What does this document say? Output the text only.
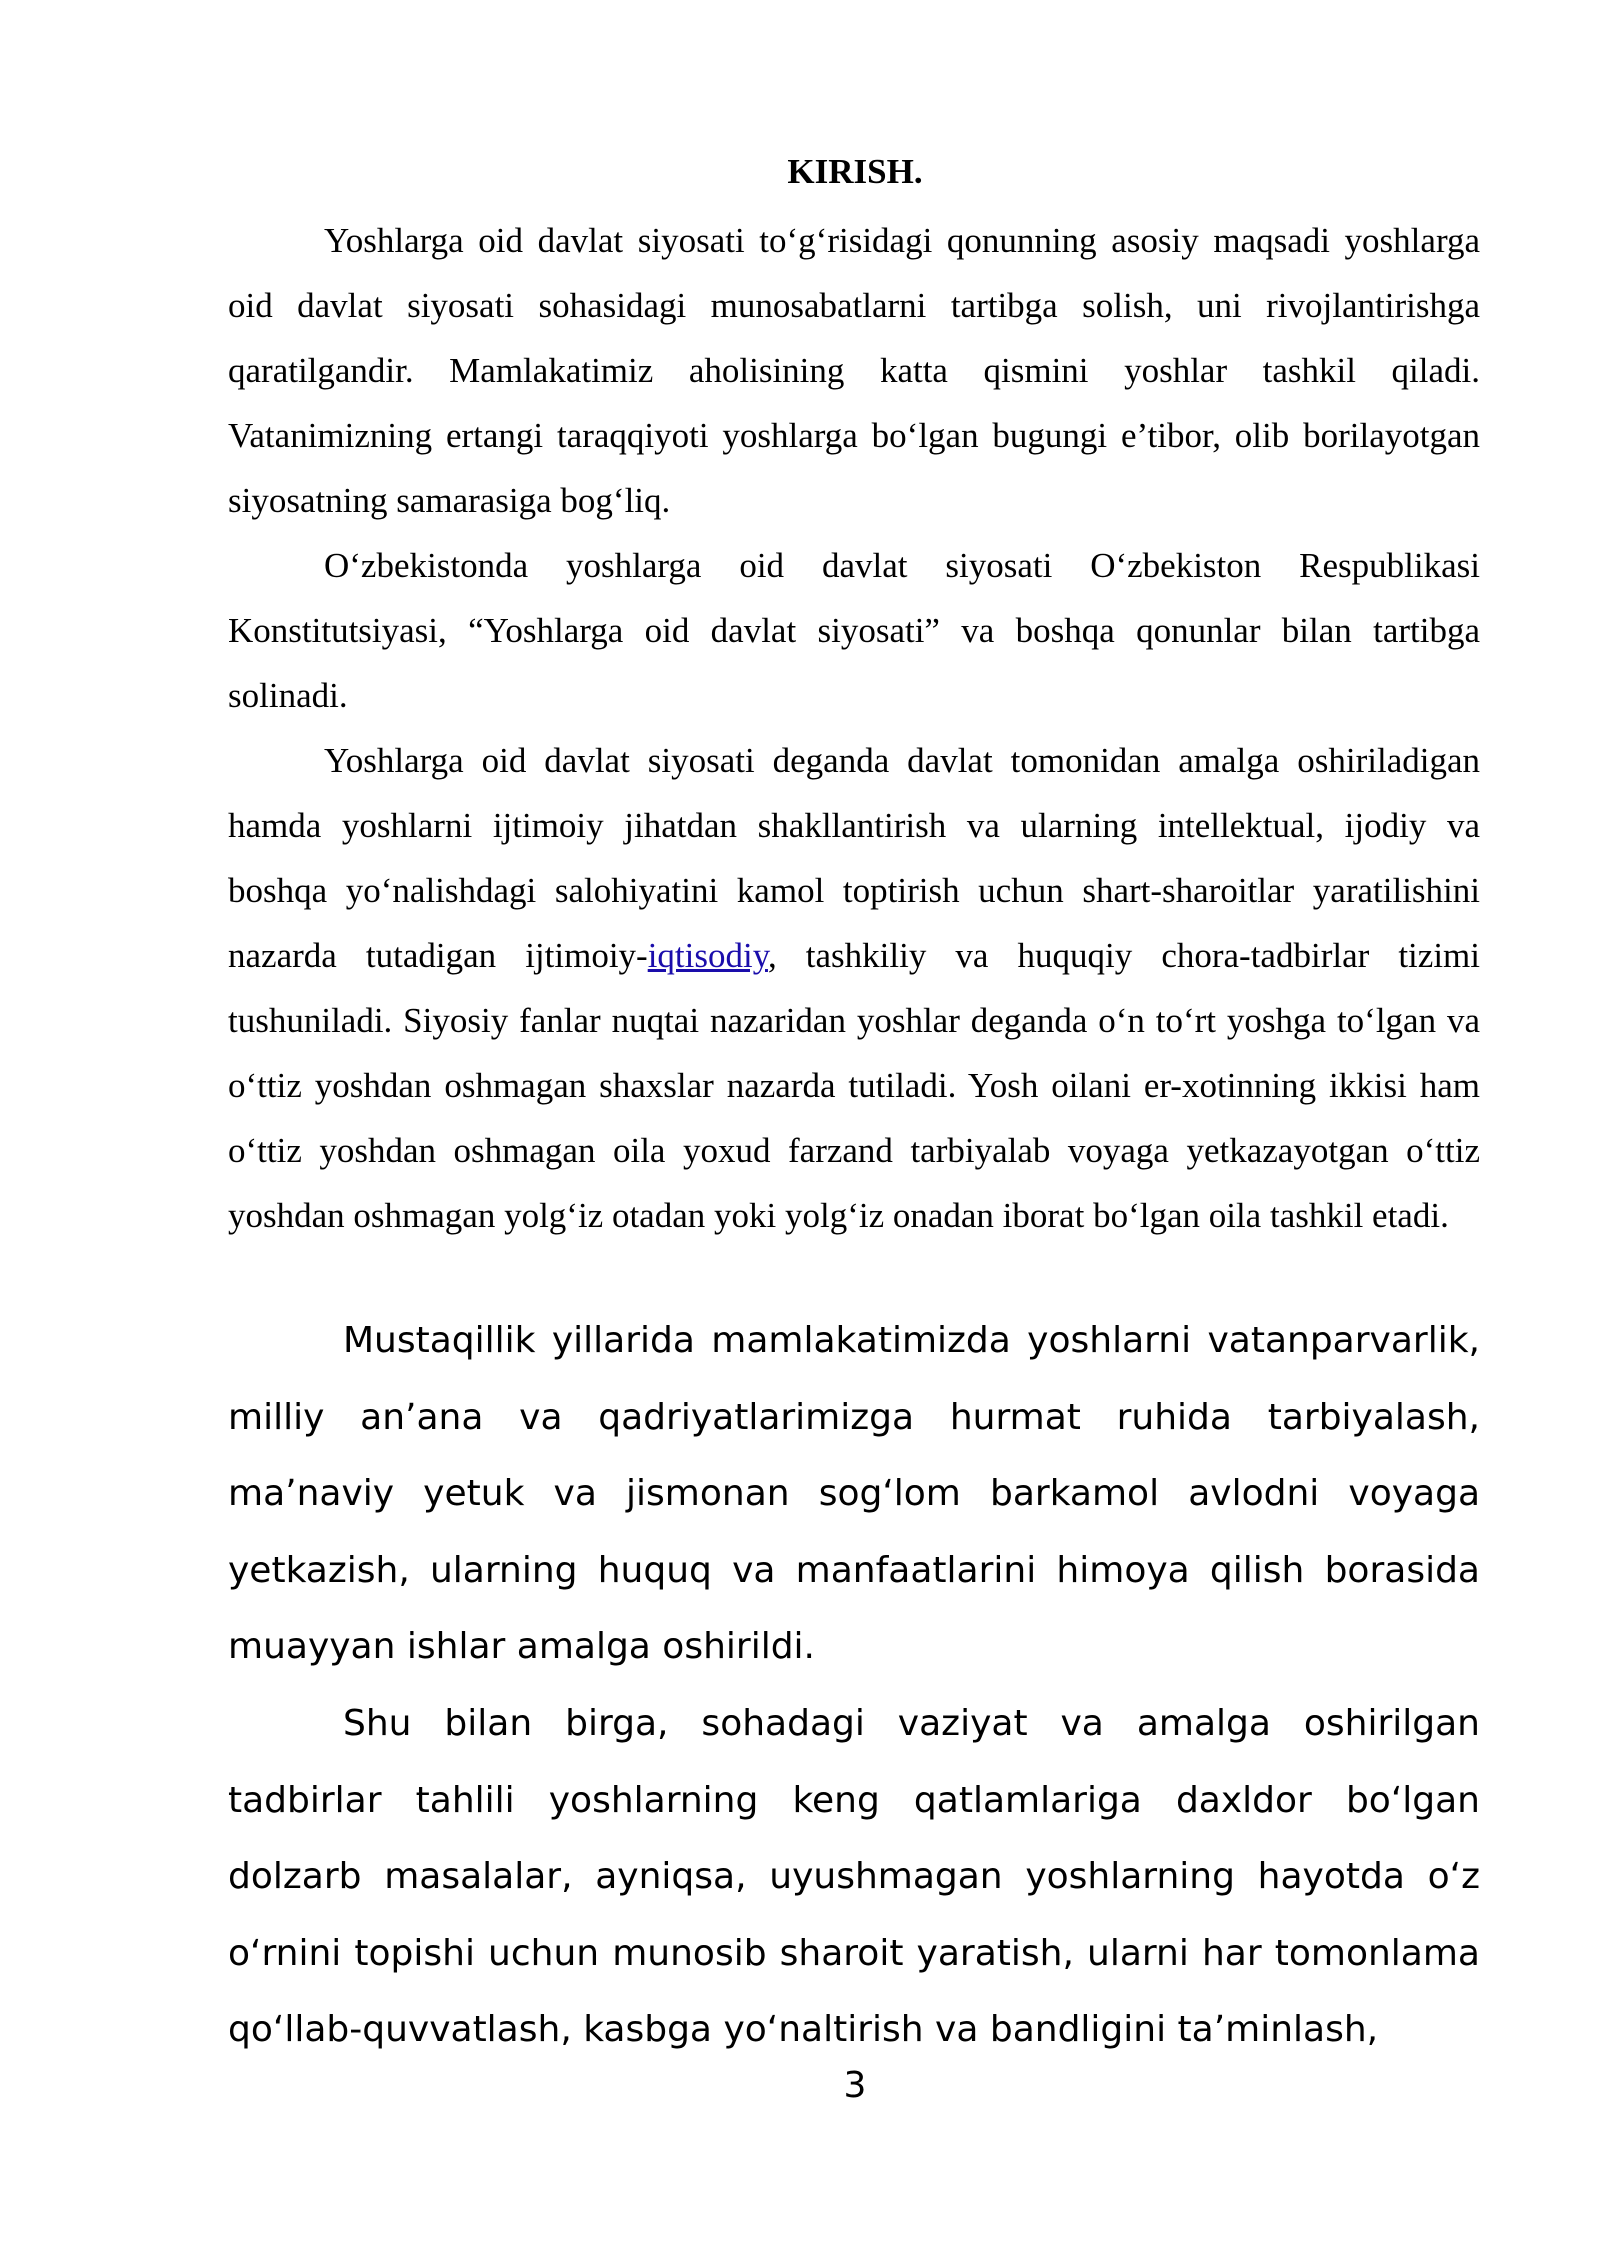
KIRISH.

Yoshlarga oid davlat siyosati to‘g‘risidagi qonunning asosiy maqsadi yoshlarga oid davlat siyosati sohasidagi munosabatlarni tartibga solish, uni rivojlantirishga qaratilgandir. Mamlakatimiz aholisining katta qismini yoshlar tashkil qiladi. Vatanimizning ertangi taraqqiyoti yoshlarga bo‘lgan bugungi e’tibor, olib borilayotgan siyosatning samarasiga bog‘liq.

O‘zbekistonda yoshlarga oid davlat siyosati O‘zbekiston Respublikasi Konstitutsiyasi, “Yoshlarga oid davlat siyosati” va boshqa qonunlar bilan tartibga solinadi.

Yoshlarga oid davlat siyosati deganda davlat tomonidan amalga oshiriladigan hamda yoshlarni ijtimoiy jihatdan shakllantirish va ularning intellektual, ijodiy va boshqa yo‘nalishdagi salohiyatini kamol toptirish uchun shart-sharoitlar yaratilishini nazarda tutadigan ijtimoiy-iqtisodiy, tashkiliy va huquqiy chora-tadbirlar tizimi tushuniladi. Siyosiy fanlar nuqtai nazaridan yoshlar deganda o‘n to‘rt yoshga to‘lgan va o‘ttiz yoshdan oshmagan shaxslar nazarda tutiladi. Yosh oilani er-xotinning ikkisi ham o‘ttiz yoshdan oshmagan oila yoxud farzand tarbiyalab voyaga yetkazayotgan o‘ttiz yoshdan oshmagan yolg‘iz otadan yoki yolg‘iz onadan iborat bo‘lgan oila tashkil etadi.

Mustaqillik yillarida mamlakatimizda yoshlarni vatanparvarlik, milliy an’ana va qadriyatlarimizga hurmat ruhida tarbiyalash, ma’naviy yetuk va jismonan sog‘lom barkamol avlodni voyaga yetkazish, ularning huquq va manfaatlarini himoya qilish borasida muayyan ishlar amalga oshirildi.

Shu bilan birga, sohadagi vaziyat va amalga oshirilgan tadbirlar tahlili yoshlarning keng qatlamlariga daxldor bo‘lgan dolzarb masalalar, ayniqsa, uyushmagan yoshlarning hayotda o‘z o‘rnini topishi uchun munosib sharoit yaratish, ularni har tomonlama qo‘llab-quvvatlash, kasbga yo‘naltirish va bandligini ta’minlash,

3
